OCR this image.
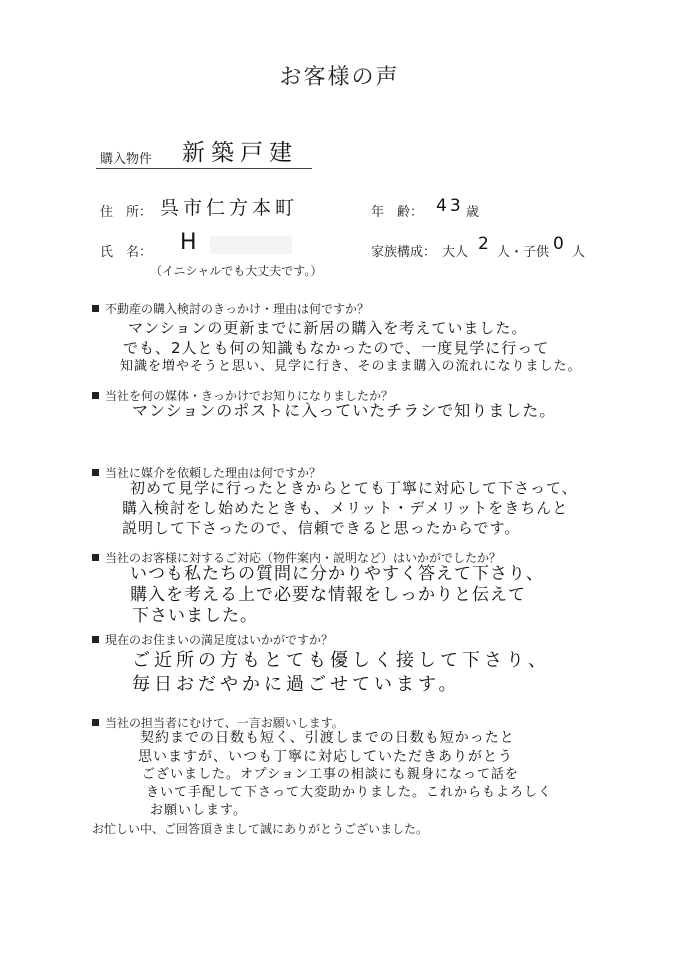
お客様の声
購入物件 新築戸建
住　所： 呉市仁方本町	年　齢： 43 歳
氏　名： H
（イニシャルでも大丈夫です。）
家族構成： 大人 2 人・子供 0 人
不動産の購入検討のきっかけ・理由は何ですか？
マンションの更新までに新居の購入を考えていました。
でも、2人とも何の知識もなかったので、一度見学に行って
知識を増やそうと思い、見学に行き、そのまま購入の流れになりました。
当社を何の媒体・きっかけでお知りになりましたか？
マンションのポストに入っていたチラシで知りました。
当社に媒介を依頼した理由は何ですか？
初めて見学に行ったときからとても丁寧に対応して下さって、
購入検討をし始めたときも、メリット・デメリットをきちんと
説明して下さったので、信頼できると思ったからです。
当社のお客様に対するご対応（物件案内・説明など）はいかがでしたか？
いつも私たちの質問に分かりやすく答えて下さり、
購入を考える上で必要な情報をしっかりと伝えて
下さいました。
現在のお住まいの満足度はいかがですか？
ご近所の方もとても優しく接して下さり、
毎日おだやかに過ごせています。
当社の担当者にむけて、一言お願いします。
契約までの日数も短く、引渡しまでの日数も短かったと
思いますが、いつも丁寧に対応していただきありがとう
ございました。オプション工事の相談にも親身になって話を
きいて手配して下さって大変助かりました。これからもよろしく
お願いします。
お忙しい中、ご回答頂きまして誠にありがとうございました。
